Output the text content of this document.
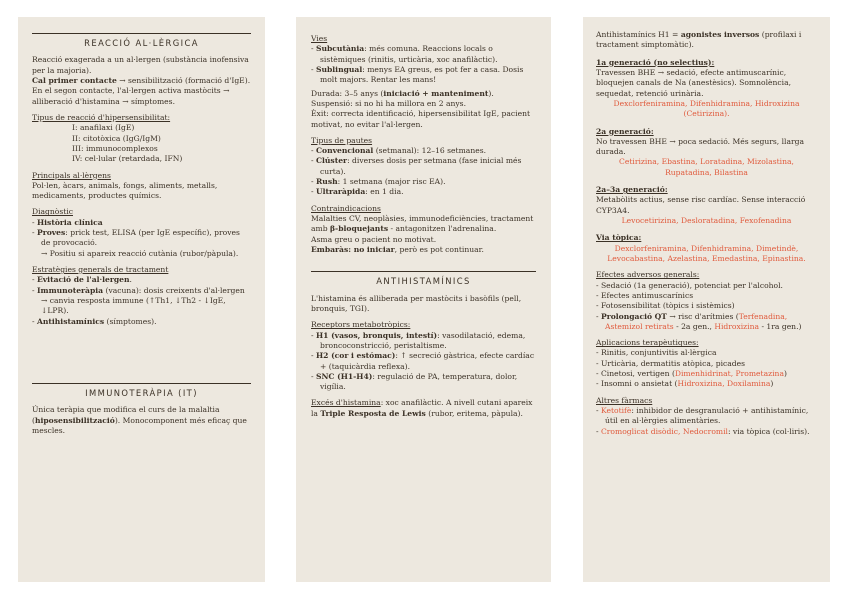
REACCIÓ AL·LÈRGICA

Reacció exagerada a un al·lergen (substància inofensiva per la majoria).

Cal primer contacte → sensibilització (formació d'IgE). En el segon contacte, l'al·lergen activa mastòcits → alliberació d'histamina → símptomes.

Tipus de reacció d'hipersensibilitat:
I: anafilaxi (IgE)
II: citotòxica (IgG/IgM)
III: immunocomplexos
IV: cel·lular (retardada, IFN)
Principals al·lèrgens

Pol·len, àcars, animals, fongs, aliments, metalls, medicaments, productes químics.

Diagnòstic
- Història clínica
- Proves: prick test, ELISA (per IgE específic), proves de provocació.

→ Positiu si apareix reacció cutània (rubor/pàpula).

Estratègies generals de tractament
- Evitació de l'al·lergen.
- Immunoteràpia (vacuna): dosis creixents d'al·lergen → canvia resposta immune (↑Th1, ↓Th2 - ↓IgE, ↓LPR).
- Antihistamínics (símptomes).
IMMUNOTERÀPIA (IT)

Única teràpia que modifica el curs de la malaltia (hiposensibilització). Monocomponent més eficaç que mescles.

Vies
- Subcutània: més comuna. Reaccions locals o sistèmiques (rinitis, urticària, xoc anafilàctic).
- Sublingual: menys EA greus, es pot fer a casa. Dosis molt majors. Rentar les mans!

Durada: 3–5 anys (iniciació + manteniment).

Suspensió: si no hi ha millora en 2 anys.

Èxit: correcta identificació, hipersensibilitat IgE, pacient motivat, no evitar l'al·lergen.

Tipus de pautes
- Convencional (setmanal): 12–16 setmanes.
- Clúster: diverses dosis per setmana (fase inicial més curta).
- Rush: 1 setmana (major risc EA).
- Ultraràpida: en 1 dia.
Contraindicacions

Malalties CV, neoplàsies, immunodeficiències, tractament amb β-bloquejants - antagonitzen l'adrenalina.

Asma greu o pacient no motivat.

Embaràs: no iniciar, però es pot continuar.

ANTIHISTAMÍNICS

L'histamina és alliberada per mastòcits i basòfils (pell, bronquis, TGI).

Receptors metabotròpics:
- H1 (vasos, bronquis, intestí): vasodilatació, edema, broncoconstricció, peristaltisme.
- H2 (cor i estómac): ↑ secreció gàstrica, efecte cardíac + (taquicàrdia reflexa).
- SNC (H1-H4): regulació de PA, temperatura, dolor, vigília.

Excés d'histamina: xoc anafilàctic. A nivell cutani apareix la Triple Resposta de Lewis (rubor, eritema, pàpula).

Antihistamínics H1 = agonistes inversos (profilaxi i tractament simptomàtic).

1a generació (no selectius):

Travessen BHE → sedació, efecte antimuscarínic, bloquejen canals de Na (anestèsics). Somnolència, sequedat, retenció urinària.

Dexclorfeniramina, Difenhidramina, Hidroxizina (Cetirizina).

2a generació:

No travessen BHE → poca sedació. Més segurs, llarga durada.

Cetirizina, Ebastina, Loratadina, Mizolastina, Rupatadina, Bilastina

2a–3a generació:

Metabòlits actius, sense risc cardíac. Sense interacció CYP3A4.

Levocetirizina, Desloratadina, Fexofenadina

Via tòpica:

Dexclorfeniramina, Difenhidramina, Dimetindè, Levocabastina, Azelastina, Emedastina, Epinastina.

Efectes adversos generals:
- Sedació (1a generació), potenciat per l'alcohol.
- Efectes antimuscarínics
- Fotosensibilitat (tòpics i sistèmics)
- Prolongació QT → risc d'arítmies (Terfenadina, Astemizol retirats - 2a gen., Hidroxizina - 1ra gen.)
Aplicacions terapèutiques:
- Rinitis, conjuntivitis al·lèrgica
- Urticària, dermatitis atòpica, picades
- Cinetosi, vertigen (Dimenhidrinat, Prometazina)
- Insomni o ansietat (Hidroxizina, Doxilamina)
Altres fàrmacs
- Ketotifè: inhibidor de desgranulació + antihistamínic, útil en al·lèrgies alimentàries.
- Cromoglicat disòdic, Nedocromil: via tòpica (col·liris).
